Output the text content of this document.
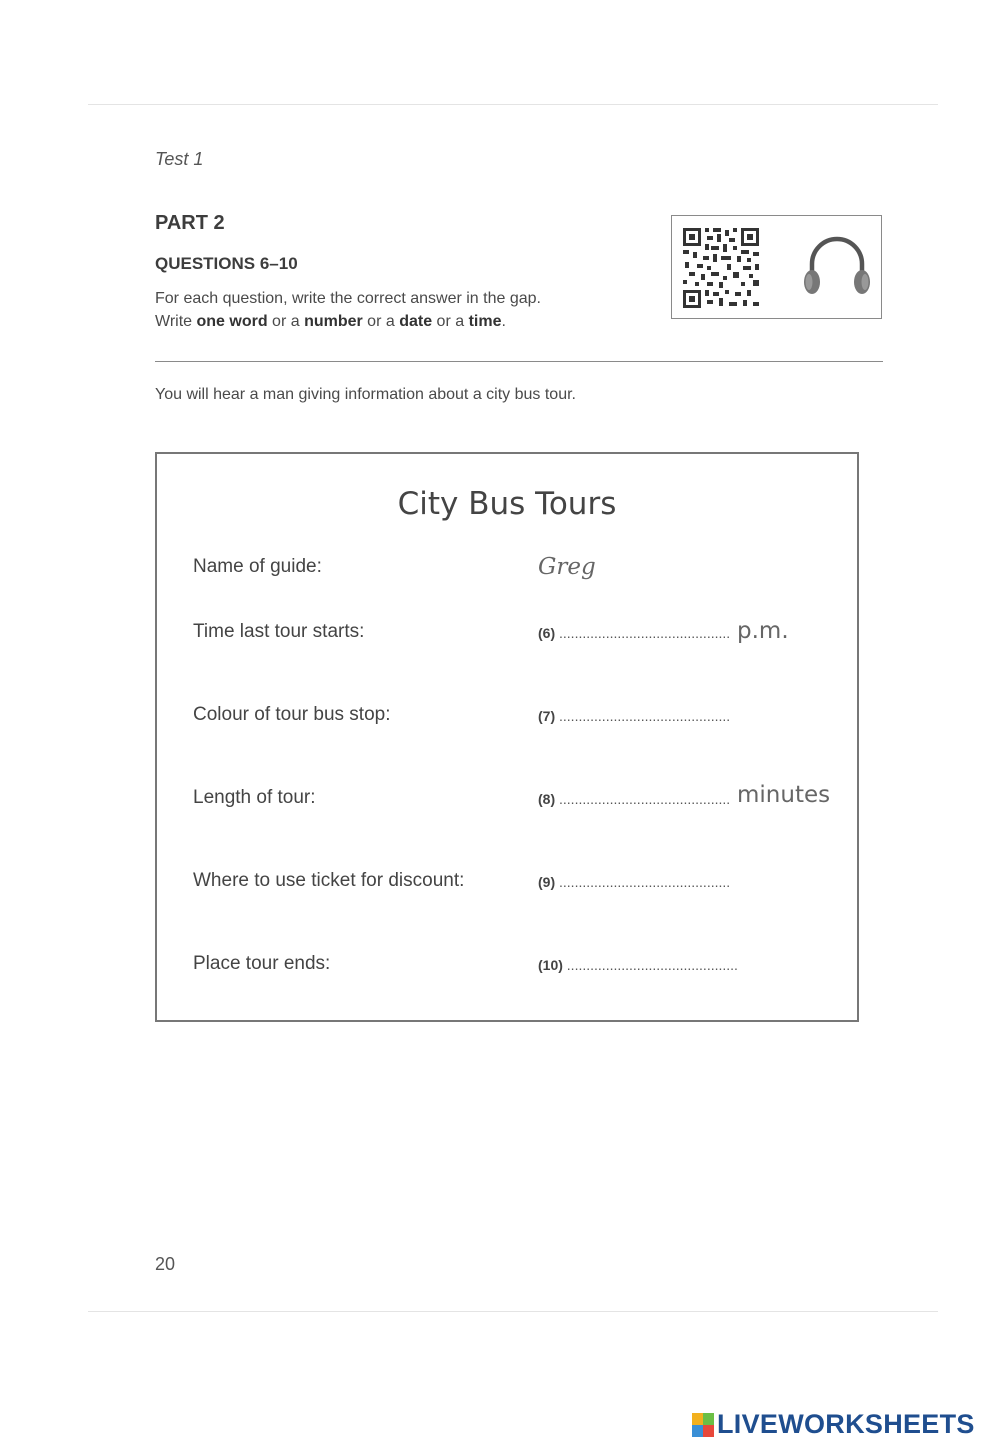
Test 1
PART 2
QUESTIONS 6–10
For each question, write the correct answer in the gap.
Write one word or a number or a date or a time.
You will hear a man giving information about a city bus tour.
City Bus Tours
Name of guide:	Greg
Time last tour starts:	(6) ............................................ p.m.
Colour of tour bus stop:	(7) ............................................
Length of tour:	(8) ............................................ minutes
Where to use ticket for discount:	(9) ............................................
Place tour ends:	(10) ............................................
20
LIVEWORKSHEETS
